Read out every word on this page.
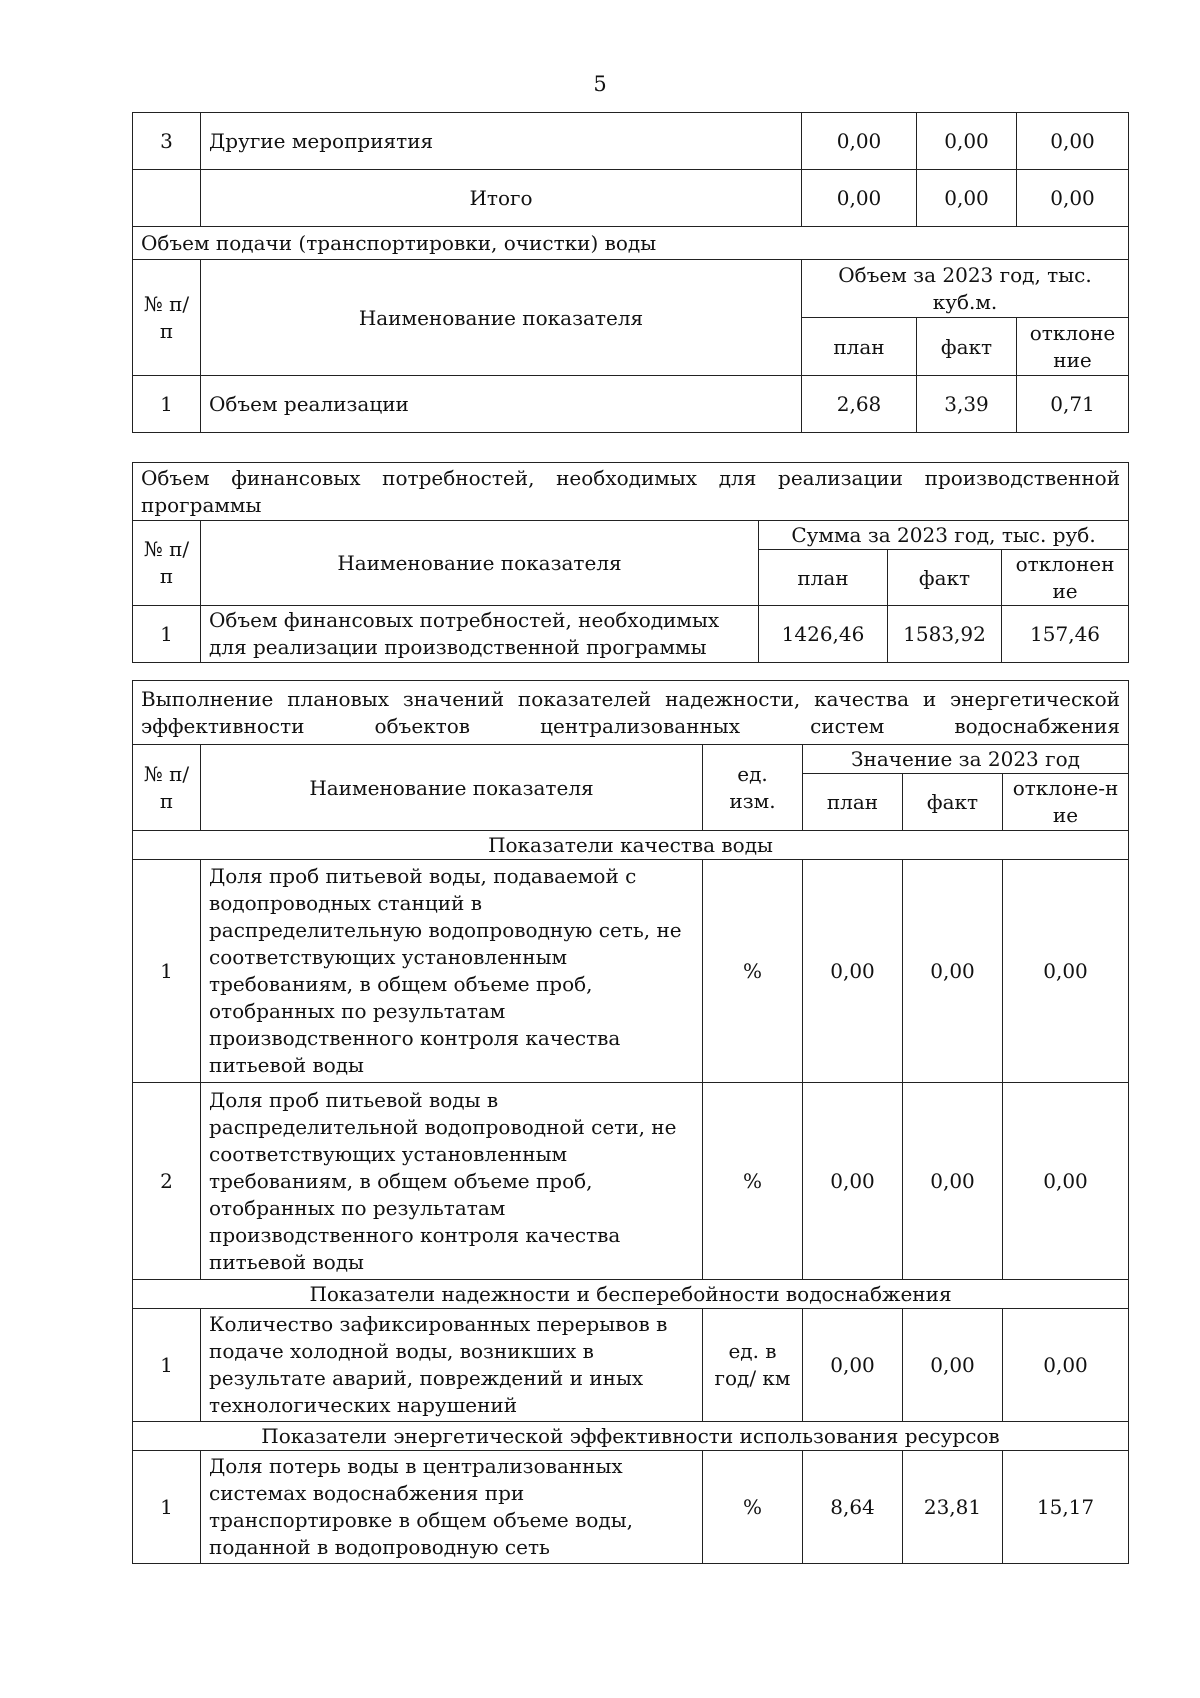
5
3	Другие мероприятия	0,00	0,00	0,00
	Итого	0,00	0,00	0,00
Объем подачи (транспортировки, очистки) воды				
№ п/п	Наименование показателя	Объем за 2023 год, тыс. куб.м.		
		план	факт	отклонение
1	Объем реализации	2,68	3,39	0,71
Объем финансовых потребностей, необходимых для реализации производственной программы				
№ п/п	Наименование показателя	Сумма за 2023 год, тыс. руб.		
		план	факт	отклонение
1	Объем финансовых потребностей, необходимых для реализации производственной программы	1426,46	1583,92	157,46
Выполнение плановых значений показателей надежности, качества и энергетической эффективности объектов централизованных систем водоснабжения					
№ п/п	Наименование показателя	ед. изм.	Значение за 2023 год		
			план	факт	отклоне-ние
Показатели качества воды					
1	Доля проб питьевой воды, подаваемой с водопроводных станций в распределительную водопроводную сеть, не соответствующих установленным требованиям, в общем объеме проб, отобранных по результатам производственного контроля качества питьевой воды	%	0,00	0,00	0,00
2	Доля проб питьевой воды в распределительной водопроводной сети, не соответствующих установленным требованиям, в общем объеме проб, отобранных по результатам производственного контроля качества питьевой воды	%	0,00	0,00	0,00
Показатели надежности и бесперебойности водоснабжения					
1	Количество зафиксированных перерывов в подаче холодной воды, возникших в результате аварий, повреждений и иных технологических нарушений	ед. в год/ км	0,00	0,00	0,00
Показатели энергетической эффективности использования ресурсов					
1	Доля потерь воды в централизованных системах водоснабжения при транспортировке в общем объеме воды, поданной в водопроводную сеть	%	8,64	23,81	15,17
